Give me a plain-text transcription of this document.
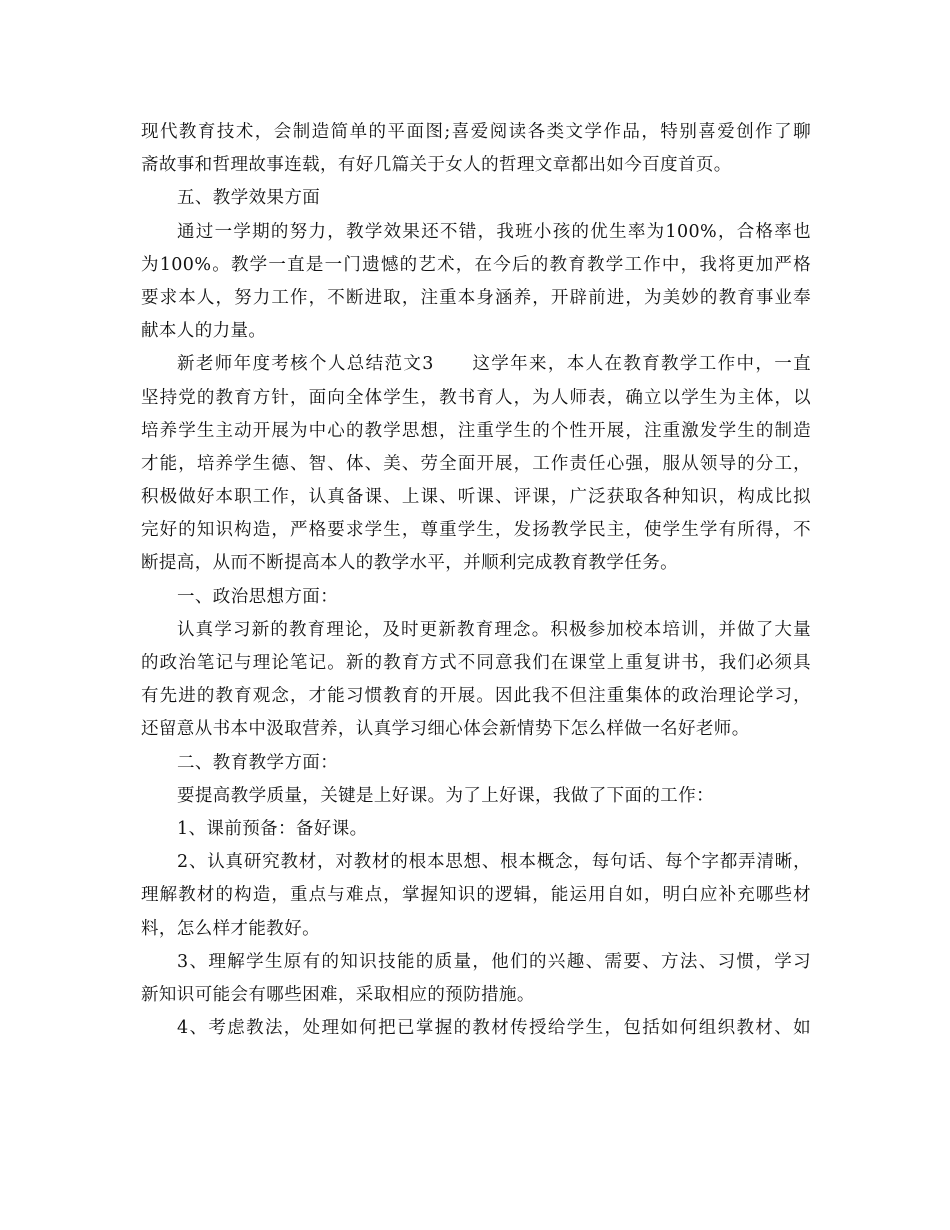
现代教育技术，会制造简单的平面图;喜爱阅读各类文学作品，特别喜爱创作了聊
斋故事和哲理故事连载，有好几篇关于女人的哲理文章都出如今百度首页。
五、教学效果方面
通过一学期的努力，教学效果还不错，我班小孩的优生率为100%，合格率也
为100%。教学一直是一门遗憾的艺术，在今后的教育教学工作中，我将更加严格
要求本人，努力工作，不断进取，注重本身涵养，开辟前进，为美妙的教育事业奉
献本人的力量。
新老师年度考核个人总结范文3　　这学年来，本人在教育教学工作中，一直
坚持党的教育方针，面向全体学生，教书育人，为人师表，确立以学生为主体，以
培养学生主动开展为中心的教学思想，注重学生的个性开展，注重激发学生的制造
才能，培养学生德、智、体、美、劳全面开展，工作责任心强，服从领导的分工，
积极做好本职工作，认真备课、上课、听课、评课，广泛获取各种知识，构成比拟
完好的知识构造，严格要求学生，尊重学生，发扬教学民主，使学生学有所得，不
断提高，从而不断提高本人的教学水平，并顺利完成教育教学任务。
一、政治思想方面：
认真学习新的教育理论，及时更新教育理念。积极参加校本培训，并做了大量
的政治笔记与理论笔记。新的教育方式不同意我们在课堂上重复讲书，我们必须具
有先进的教育观念，才能习惯教育的开展。因此我不但注重集体的政治理论学习，
还留意从书本中汲取营养，认真学习细心体会新情势下怎么样做一名好老师。
二、教育教学方面：
要提高教学质量，关键是上好课。为了上好课，我做了下面的工作：
1、课前预备：备好课。
2、认真研究教材，对教材的根本思想、根本概念，每句话、每个字都弄清晰，
理解教材的构造，重点与难点，掌握知识的逻辑，能运用自如，明白应补充哪些材
料，怎么样才能教好。
3、理解学生原有的知识技能的质量，他们的兴趣、需要、方法、习惯，学习
新知识可能会有哪些困难，采取相应的预防措施。
4、考虑教法，处理如何把已掌握的教材传授给学生，包括如何组织教材、如
